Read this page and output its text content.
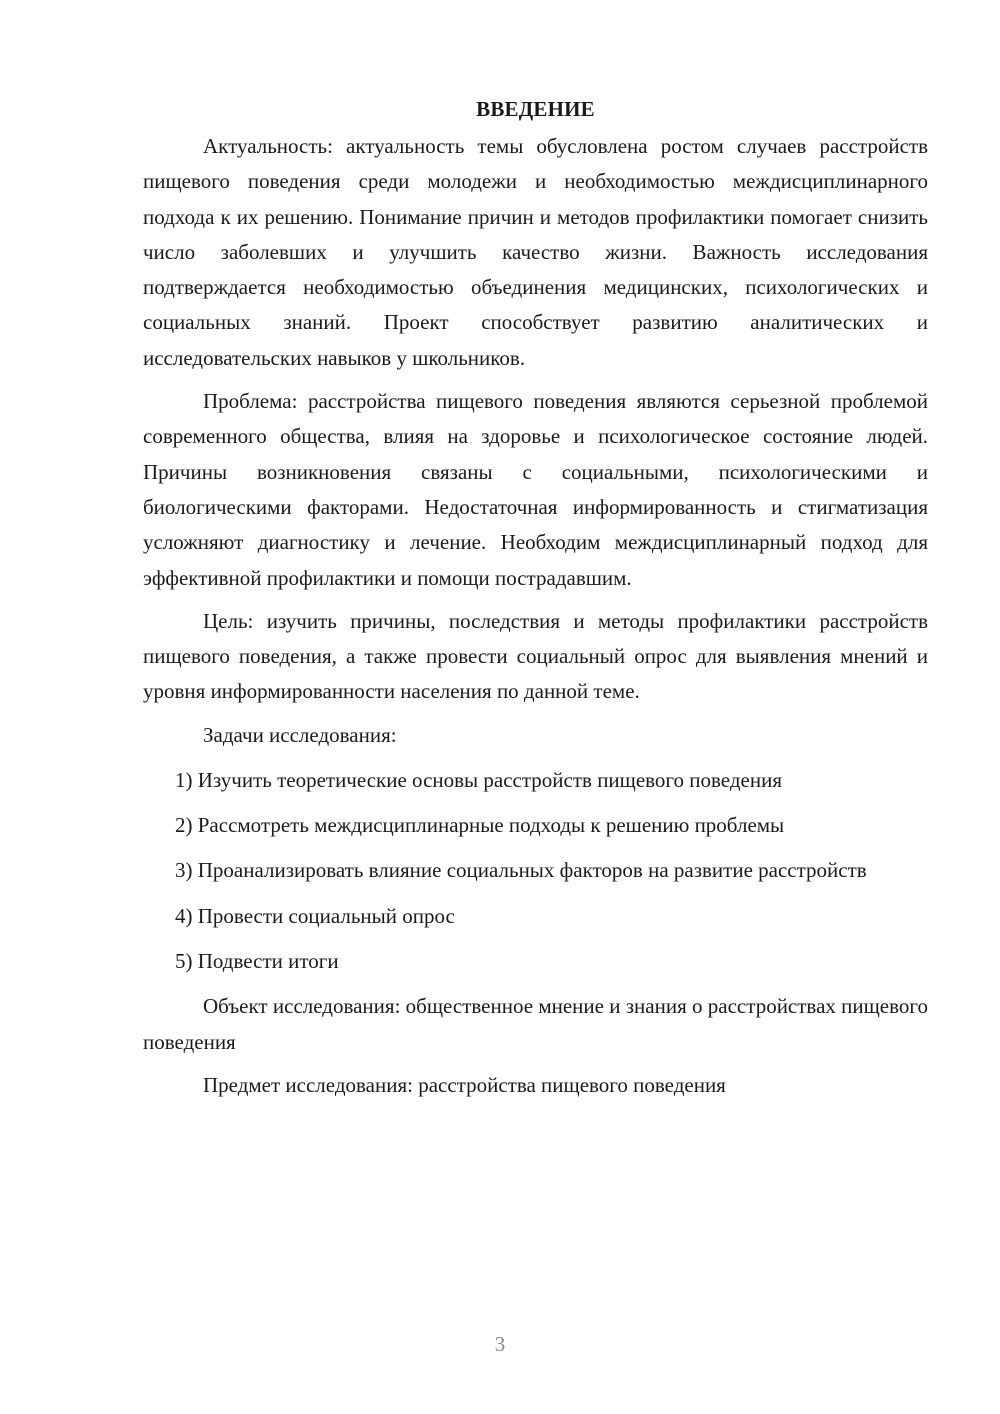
ВВЕДЕНИЕ

Актуальность: актуальность темы обусловлена ростом случаев расстройств пищевого поведения среди молодежи и необходимостью междисциплинарного подхода к их решению. Понимание причин и методов профилактики помогает снизить число заболевших и улучшить качество жизни. Важность исследования подтверждается необходимостью объединения медицинских, психологических и социальных знаний. Проект способствует развитию аналитических и исследовательских навыков у школьников.

Проблема: расстройства пищевого поведения являются серьезной проблемой современного общества, влияя на здоровье и психологическое состояние людей. Причины возникновения связаны с социальными, психологическими и биологическими факторами. Недостаточная информированность и стигматизация усложняют диагностику и лечение. Необходим междисциплинарный подход для эффективной профилактики и помощи пострадавшим.

Цель: изучить причины, последствия и методы профилактики расстройств пищевого поведения, а также провести социальный опрос для выявления мнений и уровня информированности населения по данной теме.

Задачи исследования:

1) Изучить теоретические основы расстройств пищевого поведения

2) Рассмотреть междисциплинарные подходы к решению проблемы

3) Проанализировать влияние социальных факторов на развитие расстройств

4) Провести социальный опрос

5) Подвести итоги

Объект исследования: общественное мнение и знания о расстройствах пищевого поведения

Предмет исследования: расстройства пищевого поведения

3
